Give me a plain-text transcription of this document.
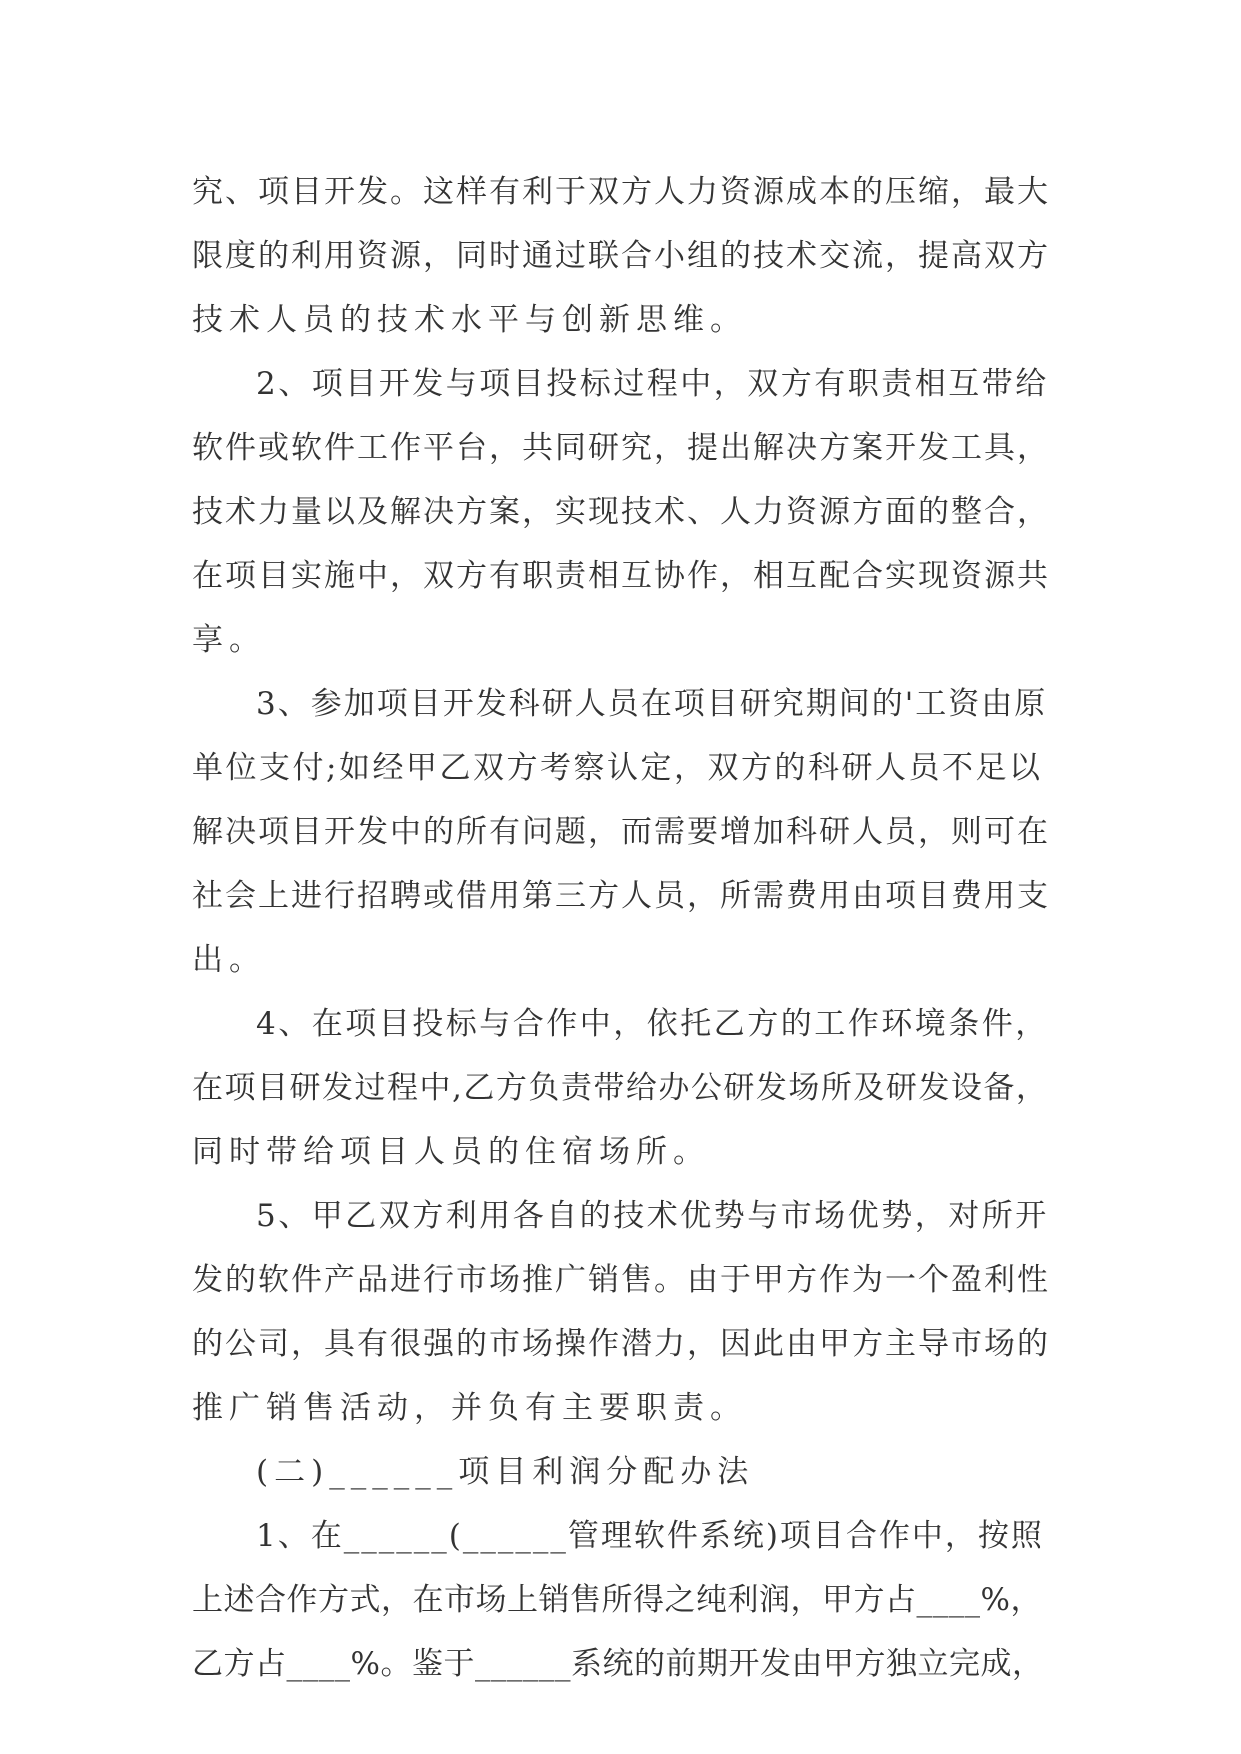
究、项目开发。这样有利于双方人力资源成本的压缩，最大
限度的利用资源，同时通过联合小组的技术交流，提高双方
技术人员的技术水平与创新思维。
2、项目开发与项目投标过程中，双方有职责相互带给
软件或软件工作平台，共同研究，提出解决方案开发工具，
技术力量以及解决方案，实现技术、人力资源方面的整合，
在项目实施中，双方有职责相互协作，相互配合实现资源共
享。
3、参加项目开发科研人员在项目研究期间的'工资由原
单位支付;如经甲乙双方考察认定，双方的科研人员不足以
解决项目开发中的所有问题，而需要增加科研人员，则可在
社会上进行招聘或借用第三方人员，所需费用由项目费用支
出。
4、在项目投标与合作中，依托乙方的工作环境条件，
在项目研发过程中,乙方负责带给办公研发场所及研发设备，
同时带给项目人员的住宿场所。
5、甲乙双方利用各自的技术优势与市场优势，对所开
发的软件产品进行市场推广销售。由于甲方作为一个盈利性
的公司，具有很强的市场操作潜力，因此由甲方主导市场的
推广销售活动，并负有主要职责。
(二)______项目利润分配办法
1、在______(______管理软件系统)项目合作中，按照
上述合作方式，在市场上销售所得之纯利润，甲方占____%，
乙方占____%。鉴于______系统的前期开发由甲方独立完成，
